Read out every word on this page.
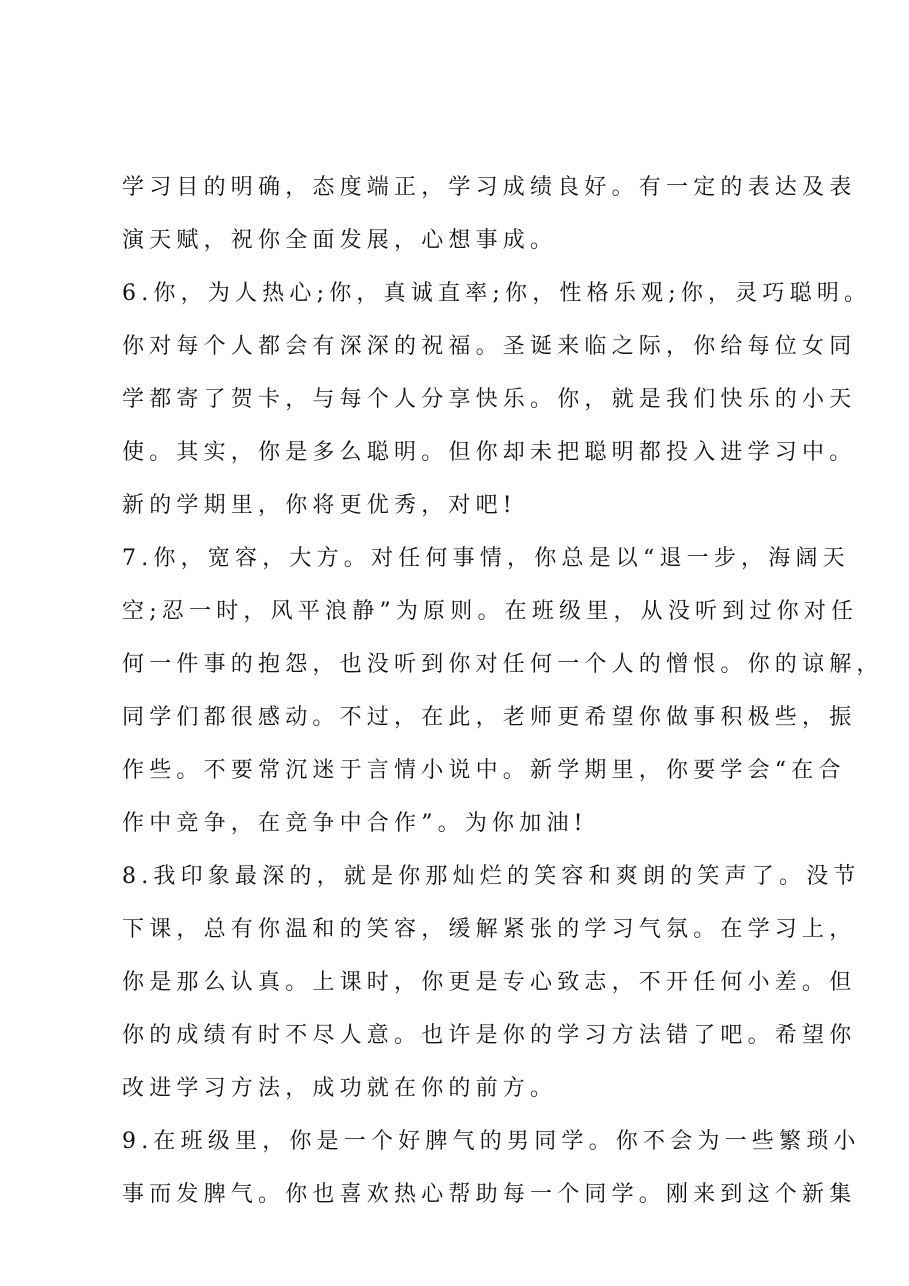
学习目的明确，态度端正，学习成绩良好。有一定的表达及表
演天赋，祝你全面发展，心想事成。
6.你，为人热心;你，真诚直率;你，性格乐观;你，灵巧聪明。
你对每个人都会有深深的祝福。圣诞来临之际，你给每位女同
学都寄了贺卡，与每个人分享快乐。你，就是我们快乐的小天
使。其实，你是多么聪明。但你却未把聪明都投入进学习中。
新的学期里，你将更优秀，对吧!
7.你，宽容，大方。对任何事情，你总是以“退一步，海阔天
空;忍一时，风平浪静”为原则。在班级里，从没听到过你对任
何一件事的抱怨，也没听到你对任何一个人的憎恨。你的谅解，
同学们都很感动。不过，在此，老师更希望你做事积极些，振
作些。不要常沉迷于言情小说中。新学期里，你要学会“在合
作中竞争，在竞争中合作”。为你加油!
8.我印象最深的，就是你那灿烂的笑容和爽朗的笑声了。没节
下课，总有你温和的笑容，缓解紧张的学习气氛。在学习上，
你是那么认真。上课时，你更是专心致志，不开任何小差。但
你的成绩有时不尽人意。也许是你的学习方法错了吧。希望你
改进学习方法，成功就在你的前方。
9.在班级里，你是一个好脾气的男同学。你不会为一些繁琐小
事而发脾气。你也喜欢热心帮助每一个同学。刚来到这个新集
